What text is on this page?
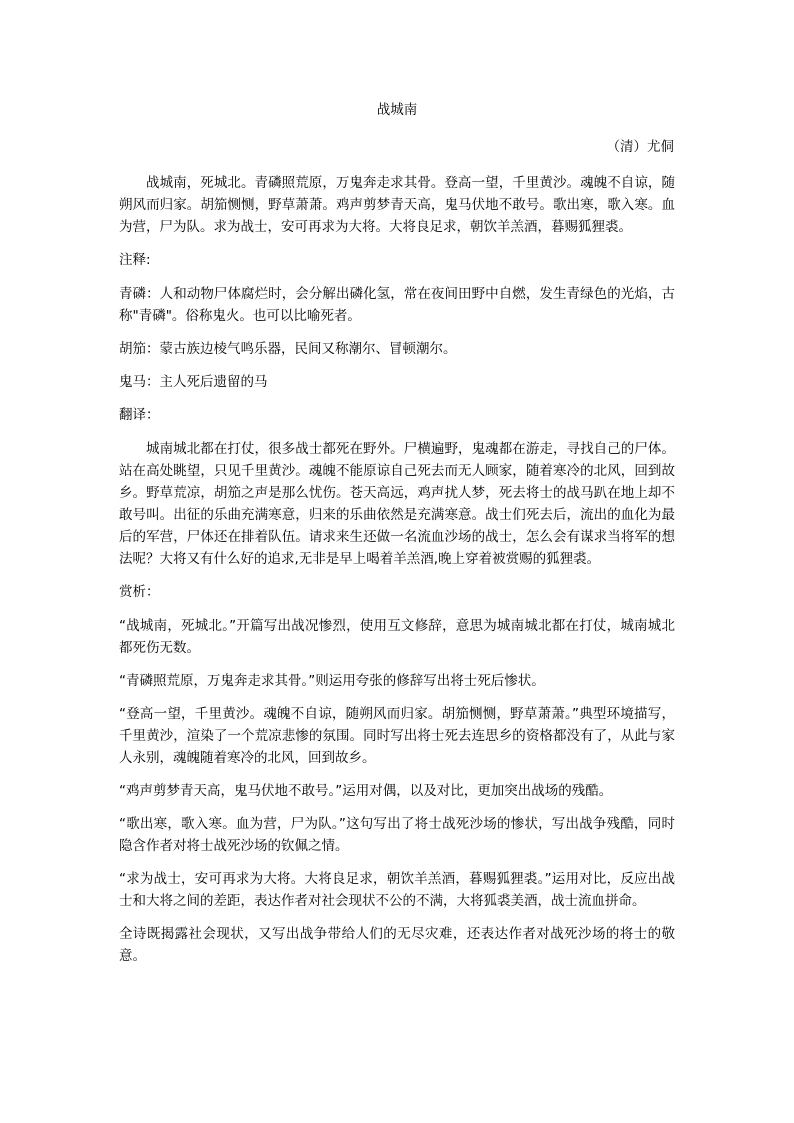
战城南

（清）尤侗

战城南，死城北。青磷照荒原，万鬼奔走求其骨。登高一望，千里黄沙。魂魄不自谅，随朔风而归家。胡笳恻恻，野草萧萧。鸡声剪梦青天高，鬼马伏地不敢号。歌出寒，歌入寒。血为营，尸为队。求为战士，安可再求为大将。大将良足求，朝饮羊羔酒，暮赐狐狸裘。

注释:

青磷：人和动物尸体腐烂时，会分解出磷化氢，常在夜间田野中自燃，发生青绿色的光焰，古称"青磷"。俗称鬼火。也可以比喻死者。

胡笳：蒙古族边棱气鸣乐器，民间又称潮尔、冒顿潮尔。

鬼马：主人死后遗留的马

翻译：

城南城北都在打仗，很多战士都死在野外。尸横遍野，鬼魂都在游走，寻找自己的尸体。站在高处眺望，只见千里黄沙。魂魄不能原谅自己死去而无人顾家，随着寒冷的北风，回到故乡。野草荒凉，胡笳之声是那么忧伤。苍天高远，鸡声扰人梦，死去将士的战马趴在地上却不敢号叫。出征的乐曲充满寒意，归来的乐曲依然是充满寒意。战士们死去后，流出的血化为最后的军营，尸体还在排着队伍。请求来生还做一名流血沙场的战士，怎么会有谋求当将军的想法呢？大将又有什么好的追求,无非是早上喝着羊羔酒,晚上穿着被赏赐的狐狸裘。

赏析：

“战城南，死城北。”开篇写出战况惨烈，使用互文修辞，意思为城南城北都在打仗，城南城北都死伤无数。

“青磷照荒原，万鬼奔走求其骨。”则运用夸张的修辞写出将士死后惨状。

“登高一望，千里黄沙。魂魄不自谅，随朔风而归家。胡笳恻恻，野草萧萧。”典型环境描写，千里黄沙，渲染了一个荒凉悲惨的氛围。同时写出将士死去连思乡的资格都没有了，从此与家人永别，魂魄随着寒冷的北风，回到故乡。

“鸡声剪梦青天高，鬼马伏地不敢号。”运用对偶，以及对比，更加突出战场的残酷。

“歌出寒，歌入寒。血为营，尸为队。”这句写出了将士战死沙场的惨状，写出战争残酷，同时隐含作者对将士战死沙场的钦佩之情。

“求为战士，安可再求为大将。大将良足求，朝饮羊羔酒，暮赐狐狸裘。”运用对比，反应出战士和大将之间的差距，表达作者对社会现状不公的不满，大将狐裘美酒，战士流血拼命。

全诗既揭露社会现状，又写出战争带给人们的无尽灾难，还表达作者对战死沙场的将士的敬意。
